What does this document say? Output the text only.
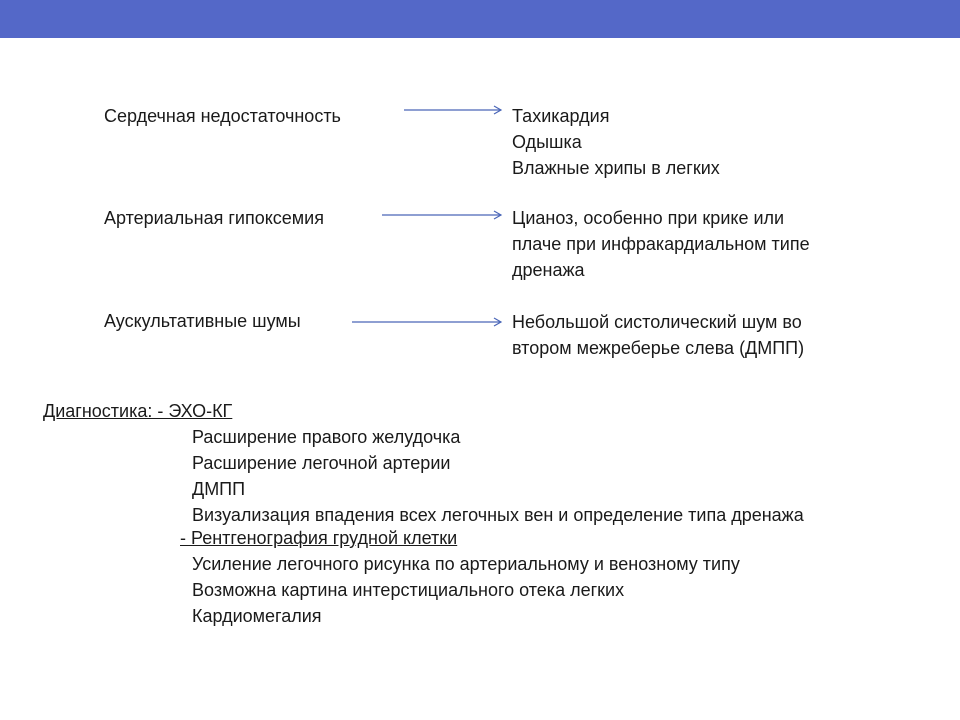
Сердечная недостаточность	Тахикардия
Одышка
Влажные хрипы в легких

Артериальная гипоксемия	Цианоз, особенно при крике или
плаче при инфракардиальном типе
дренажа

Аускультативные шумы	Небольшой систолический шум во
втором межреберье слева (ДМПП)

Диагностика: - ЭХО-КГ

Расширение правого желудочка
Расширение легочной артерии
ДМПП
Визуализация впадения всех легочных вен и определение типа дренажа

- Рентгенография грудной клетки

Усиление легочного рисунка по артериальному и венозному типу
Возможна картина интерстициального отека легких
Кардиомегалия
